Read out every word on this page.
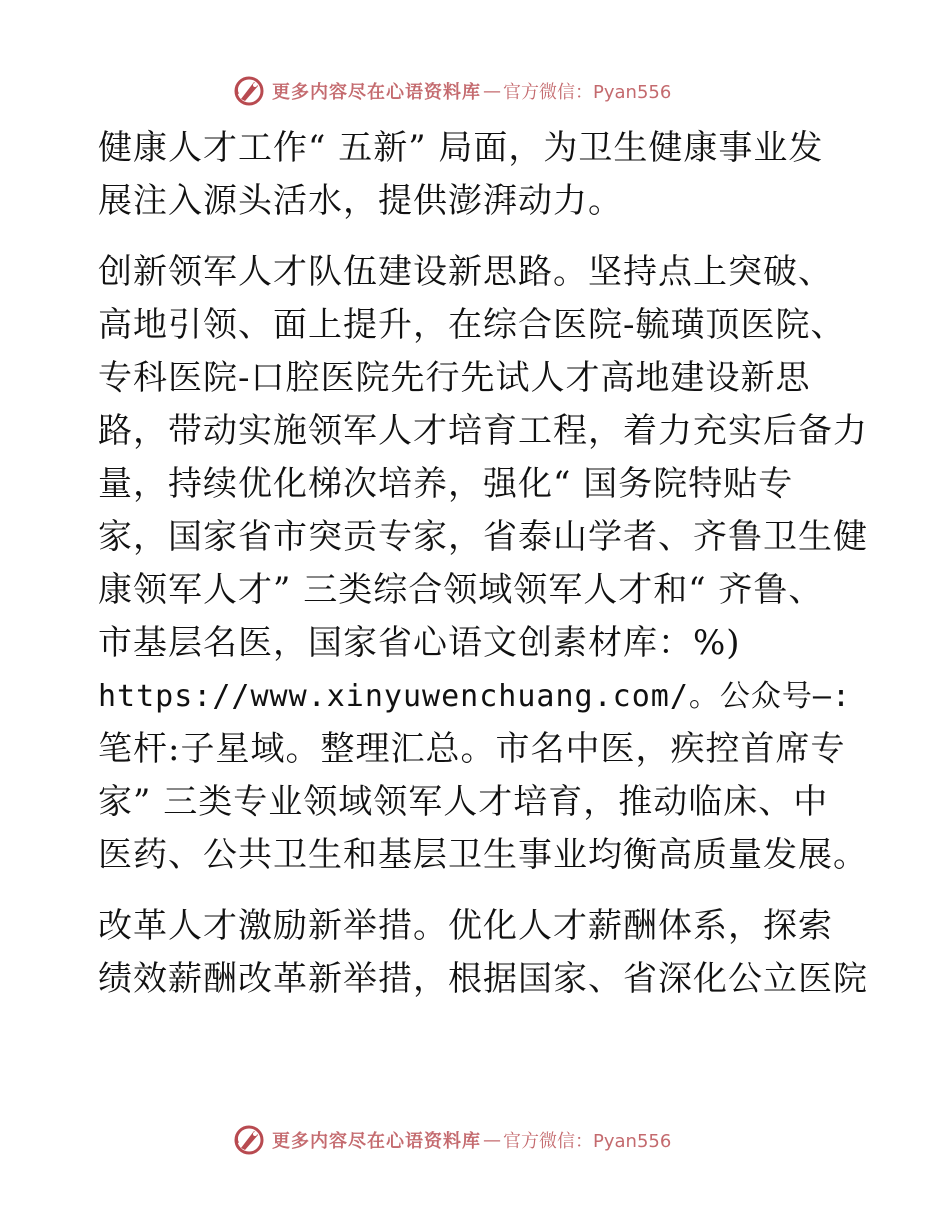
更多内容尽在心语资料库 — 官方微信：Pyan556
健康人才工作“ 五新” 局面，为卫生健康事业发
展注入源头活水，提供澎湃动力。
创新领军人才队伍建设新思路。坚持点上突破、
高地引领、面上提升，在综合医院-毓璜顶医院、
专科医院-口腔医院先行先试人才高地建设新思
路，带动实施领军人才培育工程，着力充实后备力
量，持续优化梯次培养，强化“ 国务院特贴专
家，国家省市突贡专家，省泰山学者、齐鲁卫生健
康领军人才” 三类综合领域领军人才和“ 齐鲁、
市基层名医，国家省心语文创素材库：%)
https://www.xinyuwenchuang.com/。公众号—:
笔杆:子星域。整理汇总。市名中医，疾控首席专
家” 三类专业领域领军人才培育，推动临床、中
医药、公共卫生和基层卫生事业均衡高质量发展。
改革人才激励新举措。优化人才薪酬体系，探索
绩效薪酬改革新举措，根据国家、省深化公立医院
更多内容尽在心语资料库 — 官方微信：Pyan556
